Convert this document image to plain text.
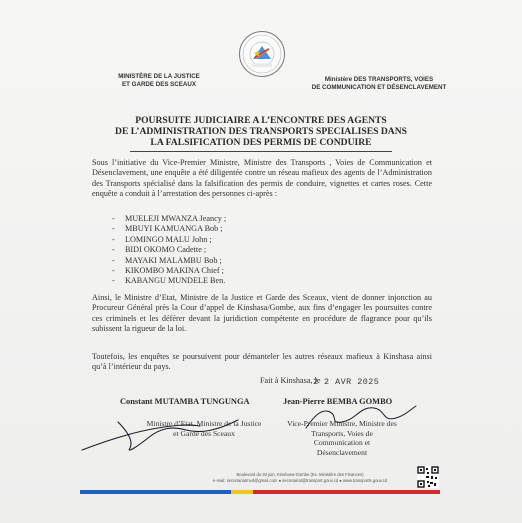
MINISTÈRE DE LA JUSTICE
ET GARDE DES SCEAUX
Ministère DES TRANSPORTS, VOIES
DE COMMUNICATION ET DÉSENCLAVEMENT
POURSUITE JUDICIAIRE A L’ENCONTRE DES AGENTS
DE L’ADMINISTRATION DES TRANSPORTS SPECIALISES DANS
LA FALSIFICATION DES PERMIS DE CONDUIRE
Sous l’initiative du Vice-Premier Ministre, Ministre des Transports , Voies de Communication et Désenclavement, une enquête a été diligentée contre un réseau mafieux des agents de l’Administration des Transports spécialisé dans la falsification des permis de conduire, vignettes et cartes roses. Cette enquête a conduit à l’arrestation des personnes ci-après :
-     MUELEJI MWANZA Jeancy ;
-     MBUYI KAMUANGA Bob ;
-     LOMINGO MALU John ;
-     BIDI OKOMO Cadette ;
-     MAYAKI MALAMBU Bob ;
-     KIKOMBO MAKINA Chief ;
-     KABANGU MUNDELE Ben.
Ainsi, le Ministre d’Etat, Ministre de la Justice et Garde des Sceaux, vient de donner injonction au Procureur Général près la Cour d’appel de Kinshasa/Gombe, aux fins d’engager les poursuites contre ces criminels et les déférer devant la juridiction compétente en procédure de flagrance pour qu’ils subissent la rigueur de la loi.
Toutefois, les enquêtes se poursuivent pour démanteler les autres réseaux mafieux à Kinshasa ainsi qu’à l’intérieur du pays.
Fait à Kinshasa, le
2 2 AVR 2025
Constant MUTAMBA TUNGUNGA	Jean-Pierre BEMBA GOMBO
Ministre d’Etat, Ministre de la Justice
et Garde des Sceaux
Vice-Premier Ministre, Ministre des
Transports, Voies de Communication et
Désenclavement
Boulevard du 30 juin, Kinshasa-Gombe (Ex. Ministère des Finances)
e-mail: secretariatmvd@gmail.com ● secretariat@transport.gouv.cd ● www.transports.gouv.cd
